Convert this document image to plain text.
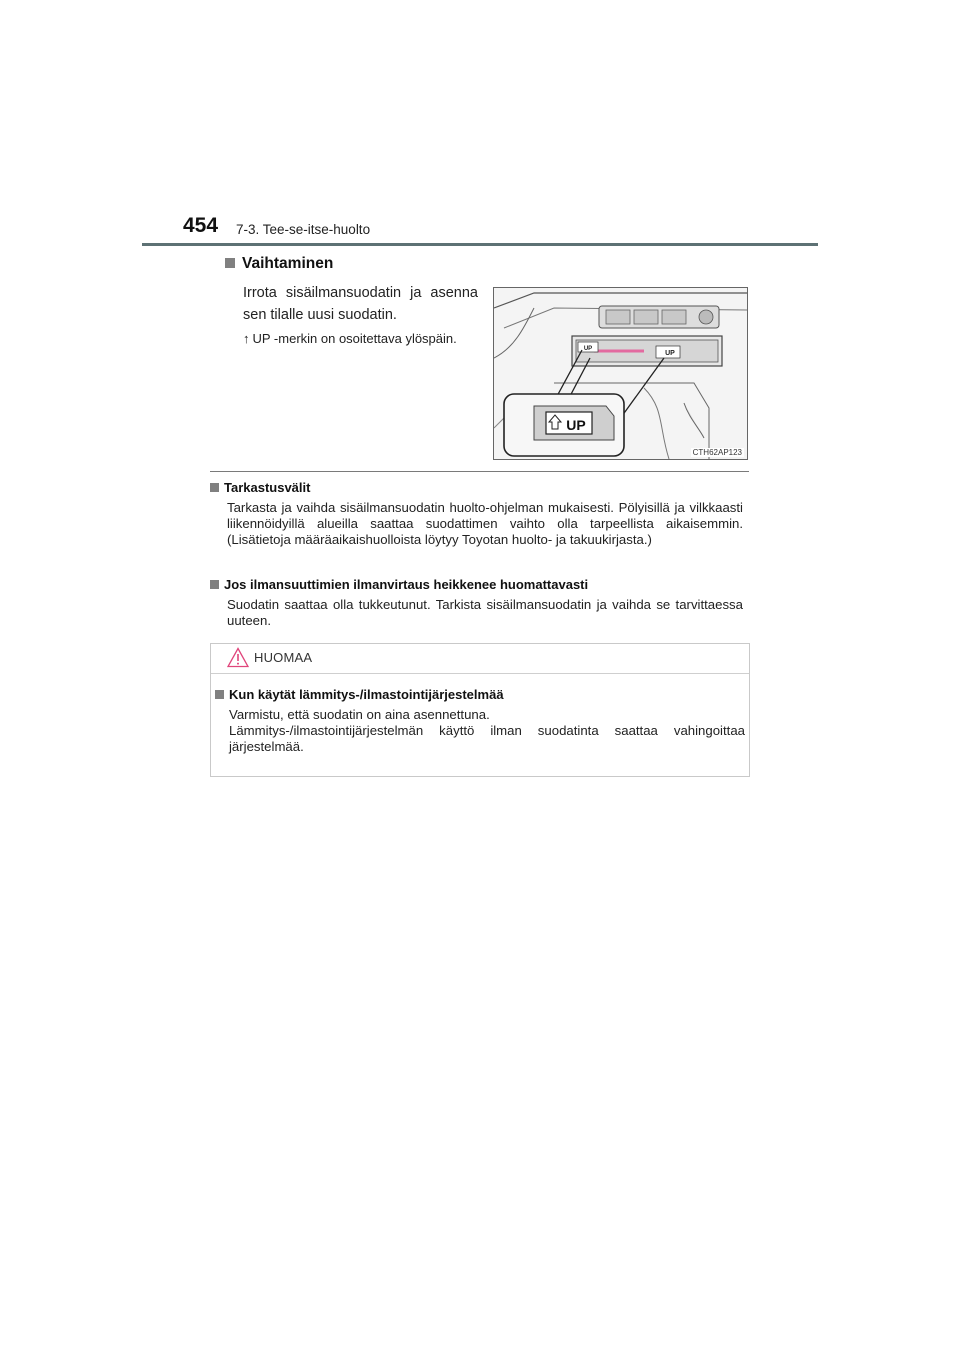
454 7-3. Tee-se-itse-huolto
Vaihtaminen
Irrota sisäilmansuodatin ja asenna sen tilalle uusi suodatin.
↑ UP -merkin on osoitettava ylöspäin.
UP
UP
UP
CTH62AP123
Tarkastusvälit
Tarkasta ja vaihda sisäilmansuodatin huolto-ohjelman mukaisesti. Pölyisillä ja vilkkaasti liikennöidyillä alueilla saattaa suodattimen vaihto olla tarpeellista aikaisemmin. (Lisätietoja määräaikaishuolloista löytyy Toyotan huolto- ja takuukirjasta.)
Jos ilmansuuttimien ilmanvirtaus heikkenee huomattavasti
Suodatin saattaa olla tukkeutunut. Tarkista sisäilmansuodatin ja vaihda se tarvittaessa uuteen.
HUOMAA
Kun käytät lämmitys-/ilmastointijärjestelmää
Varmistu, että suodatin on aina asennettuna.
Lämmitys-/ilmastointijärjestelmän käyttö ilman suodatinta saattaa vahingoittaa järjestelmää.
